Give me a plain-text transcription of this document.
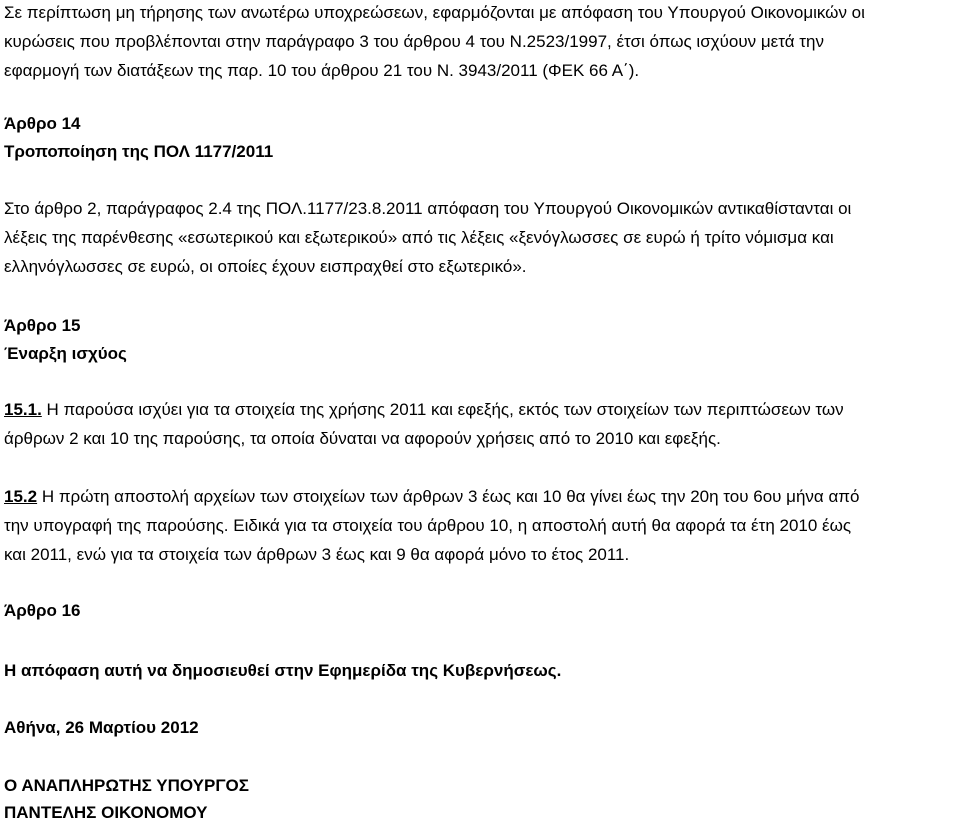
Σε περίπτωση μη τήρησης των ανωτέρω υποχρεώσεων, εφαρμόζονται με απόφαση του Υπουργού Οικονομικών οι
κυρώσεις που προβλέπονται στην παράγραφο 3 του άρθρου 4 του Ν.2523/1997, έτσι όπως ισχύουν μετά την
εφαρμογή των διατάξεων της παρ. 10 του άρθρου 21 του Ν. 3943/2011 (ΦΕΚ 66 Α΄).
Άρθρο 14
Τροποποίηση της ΠΟΛ 1177/2011
Στο άρθρο 2, παράγραφος 2.4 της ΠΟΛ.1177/23.8.2011 απόφαση του Υπουργού Οικονομικών αντικαθίστανται οι
λέξεις της παρένθεσης «εσωτερικού και εξωτερικού» από τις λέξεις «ξενόγλωσσες σε ευρώ ή τρίτο νόμισμα και
ελληνόγλωσσες σε ευρώ, οι οποίες έχουν εισπραχθεί στο εξωτερικό».
Άρθρο 15
Έναρξη ισχύος
15.1. Η παρούσα ισχύει για τα στοιχεία της χρήσης 2011 και εφεξής, εκτός των στοιχείων των περιπτώσεων των
άρθρων 2 και 10 της παρούσης, τα οποία δύναται να αφορούν χρήσεις από το 2010 και εφεξής.
15.2 Η πρώτη αποστολή αρχείων των στοιχείων των άρθρων 3 έως και 10 θα γίνει έως την 20η του 6ου μήνα από
την υπογραφή της παρούσης. Ειδικά για τα στοιχεία του άρθρου 10, η αποστολή αυτή θα αφορά τα έτη 2010 έως
και 2011, ενώ για τα στοιχεία των άρθρων 3 έως και 9 θα αφορά μόνο το έτος 2011.
Άρθρο 16
Η απόφαση αυτή να δημοσιευθεί στην Εφημερίδα της Κυβερνήσεως.
Αθήνα, 26 Μαρτίου 2012
Ο ΑΝΑΠΛΗΡΩΤΗΣ ΥΠΟΥΡΓΟΣ
ΠΑΝΤΕΛΗΣ ΟΙΚΟΝΟΜΟΥ
